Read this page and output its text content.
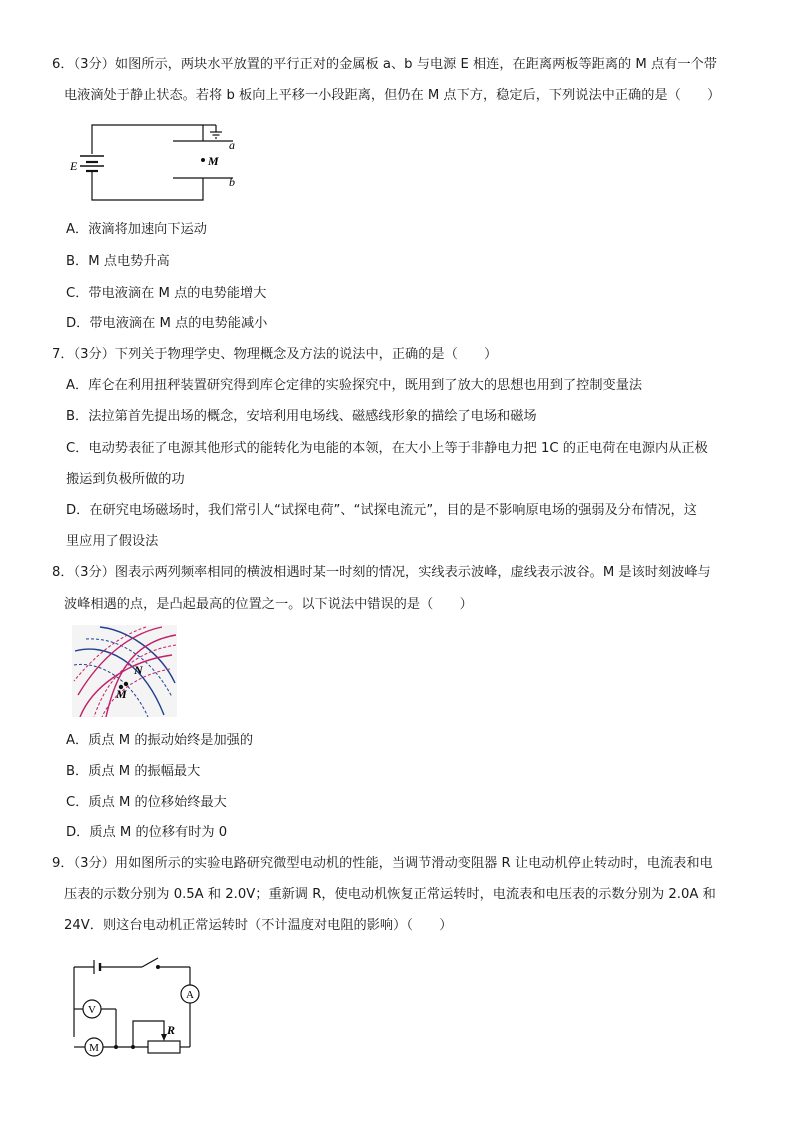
6．（3分）如图所示，两块水平放置的平行正对的金属板 a、b 与电源 E 相连，在距离两板等距离的 M 点有一个带
电液滴处于静止状态。若将 b 板向上平移一小段距离，但仍在 M 点下方，稳定后，下列说法中正确的是（　　）
M
a
b
E
A．液滴将加速向下运动
B．M 点电势升高
C．带电液滴在 M 点的电势能增大
D．带电液滴在 M 点的电势能减小
7．（3分）下列关于物理学史、物理概念及方法的说法中，正确的是（　　）
A．库仑在利用扭秤装置研究得到库仑定律的实验探究中，既用到了放大的思想也用到了控制变量法
B．法拉第首先提出场的概念，安培利用电场线、磁感线形象的描绘了电场和磁场
C．电动势表征了电源其他形式的能转化为电能的本领，在大小上等于非静电力把 1C 的正电荷在电源内从正极
搬运到负极所做的功
D．在研究电场磁场时，我们常引人“试探电荷”、“试探电流元”，目的是不影响原电场的强弱及分布情况，这
里应用了假设法
8．（3分）图表示两列频率相同的横波相遇时某一时刻的情况，实线表示波峰，虚线表示波谷。M 是该时刻波峰与
波峰相遇的点，是凸起最高的位置之一。以下说法中错误的是（　　）
N
M
A．质点 M 的振动始终是加强的
B．质点 M 的振幅最大
C．质点 M 的位移始终最大
D．质点 M 的位移有时为 0
9．（3分）用如图所示的实验电路研究微型电动机的性能，当调节滑动变阻器 R 让电动机停止转动时，电流表和电
压表的示数分别为 0.5A 和 2.0V；重新调 R，使电动机恢复正常运转时，电流表和电压表的示数分别为 2.0A 和
24V．则这台电动机正常运转时（不计温度对电阻的影响）（　　）
V
A
M
R
